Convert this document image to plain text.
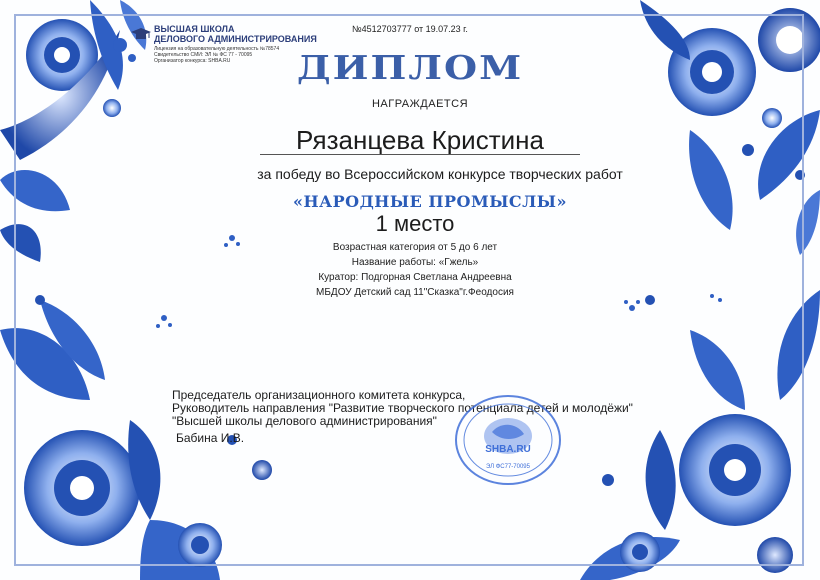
ВЫСШАЯ ШКОЛА
ДЕЛОВОГО АДМИНИСТРИРОВАНИЯ
Лицензия на образовательную деятельность №78574
Свидетельство СМИ: ЭЛ № ФС 77 - 70095
Организатор конкурса: SHBA.RU
№4512703777 от 19.07.23 г.
ДИПЛОМ
НАГРАЖДАЕТСЯ
Рязанцева Кристина
за победу во Всероссийском конкурсе творческих работ
«НАРОДНЫЕ ПРОМЫСЛЫ»
1 место
Возрастная категория от 5 до 6 лет
Название работы: «Гжель»
Куратор: Подгорная Светлана Андреевна
МБДОУ Детский сад 11"Сказка"г.Феодосия
Председатель организационного комитета конкурса,
Руководитель направления "Развитие творческого потенциала детей и молодёжи"
"Высшей школы делового администрирования"
Бабина И.В.
SHBA.RU
ЭЛ ФС77-70095
